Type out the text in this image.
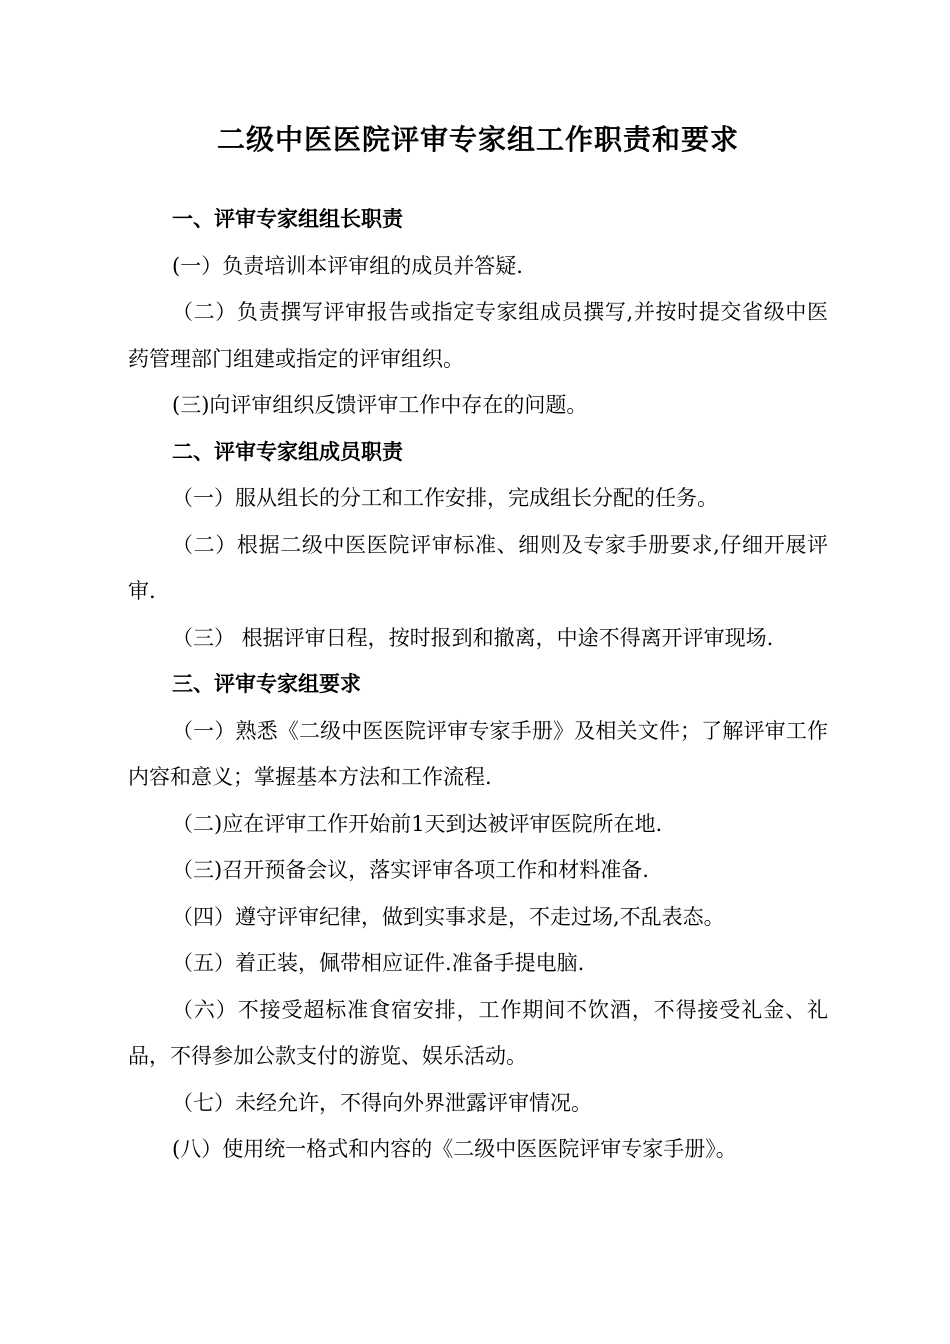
二级中医医院评审专家组工作职责和要求
一、评审专家组组长职责
(一）负责培训本评审组的成员并答疑.
（二）负责撰写评审报告或指定专家组成员撰写,并按时提交省级中医药管理部门组建或指定的评审组织。
(三)向评审组织反馈评审工作中存在的问题。
二、评审专家组成员职责
（一）服从组长的分工和工作安排，完成组长分配的任务。
（二）根据二级中医医院评审标准、细则及专家手册要求,仔细开展评审.
（三） 根据评审日程，按时报到和撤离，中途不得离开评审现场.
三、评审专家组要求
（一）熟悉《二级中医医院评审专家手册》及相关文件；了解评审工作内容和意义；掌握基本方法和工作流程.
（二)应在评审工作开始前1天到达被评审医院所在地.
（三)召开预备会议，落实评审各项工作和材料准备.
（四）遵守评审纪律，做到实事求是，不走过场,不乱表态。
（五）着正装，佩带相应证件.准备手提电脑.
（六）不接受超标准食宿安排，工作期间不饮酒，不得接受礼金、礼品，不得参加公款支付的游览、娱乐活动。
（七）未经允许，不得向外界泄露评审情况。
(八）使用统一格式和内容的《二级中医医院评审专家手册》。
